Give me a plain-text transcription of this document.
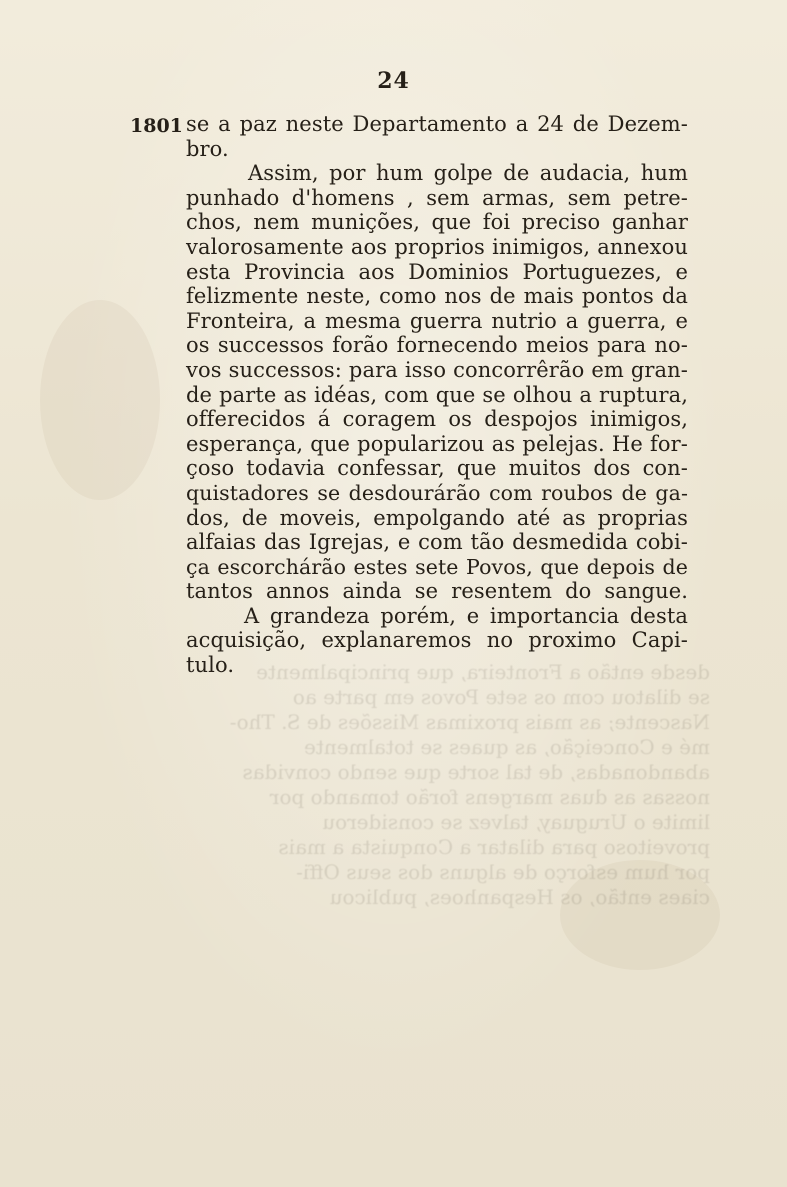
desde então a Fronteira, que principalmente
se dilatou com os sete Povos em parte ao
Nascente; as mais proximas Missões de S. Tho-
mé e Conceição, as quaes se totalmente
abandonadas, de tal sorte que sendo convidas
nossas as duas margens forão tomando por
limite o Uruguay, talvez se considerou
proveitoso para dilatar a Conquista a mais
por hum esforço de alguns dos seus Offi-
ciaes então, os Hespanhoes, publicou
24
1801 se a paz neste Departamento a 24 de Dezem-
bro.
Assim, por hum golpe de audacia, hum
punhado d'homens , sem armas, sem petre-
chos, nem munições, que foi preciso ganhar
valorosamente aos proprios inimigos, annexou
esta Provincia aos Dominios Portuguezes, e
felizmente neste, como nos de mais pontos da
Fronteira, a mesma guerra nutrio a guerra, e
os successos forão fornecendo meios para no-
vos successos: para isso concorrêrão em gran-
de parte as idéas, com que se olhou a ruptura,
offerecidos á coragem os despojos inimigos,
esperança, que popularizou as pelejas. He for-
çoso todavia confessar, que muitos dos con-
quistadores se desdourárão com roubos de ga-
dos, de moveis, empolgando até as proprias
alfaias das Igrejas, e com tão desmedida cobi-
ça escorchárão estes sete Povos, que depois de
tantos annos ainda se resentem do sangue.
A grandeza porém, e importancia desta
acquisição, explanaremos no proximo Capi-
tulo.
